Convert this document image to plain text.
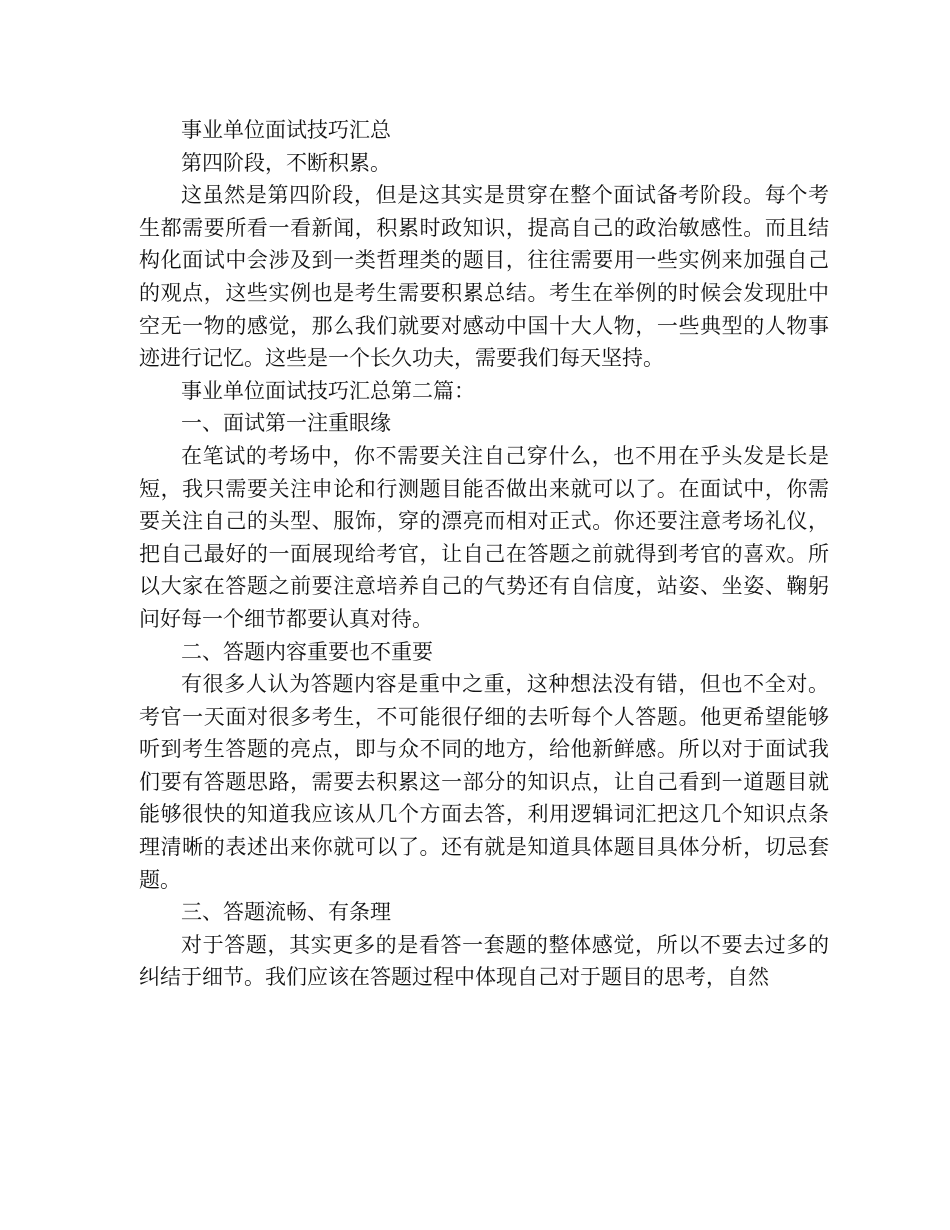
事业单位面试技巧汇总

第四阶段，不断积累。

这虽然是第四阶段，但是这其实是贯穿在整个面试备考阶段。每个考生都需要所看一看新闻，积累时政知识，提高自己的政治敏感性。而且结构化面试中会涉及到一类哲理类的题目，往往需要用一些实例来加强自己的观点，这些实例也是考生需要积累总结。考生在举例的时候会发现肚中空无一物的感觉，那么我们就要对感动中国十大人物，一些典型的人物事迹进行记忆。这些是一个长久功夫，需要我们每天坚持。

事业单位面试技巧汇总第二篇：

一、面试第一注重眼缘

在笔试的考场中，你不需要关注自己穿什么，也不用在乎头发是长是短，我只需要关注申论和行测题目能否做出来就可以了。在面试中，你需要关注自己的头型、服饰，穿的漂亮而相对正式。你还要注意考场礼仪，把自己最好的一面展现给考官，让自己在答题之前就得到考官的喜欢。所以大家在答题之前要注意培养自己的气势还有自信度，站姿、坐姿、鞠躬问好每一个细节都要认真对待。

二、答题内容重要也不重要

有很多人认为答题内容是重中之重，这种想法没有错，但也不全对。考官一天面对很多考生，不可能很仔细的去听每个人答题。他更希望能够听到考生答题的亮点，即与众不同的地方，给他新鲜感。所以对于面试我们要有答题思路，需要去积累这一部分的知识点，让自己看到一道题目就能够很快的知道我应该从几个方面去答，利用逻辑词汇把这几个知识点条理清晰的表述出来你就可以了。还有就是知道具体题目具体分析，切忌套题。

三、答题流畅、有条理

对于答题，其实更多的是看答一套题的整体感觉，所以不要去过多的纠结于细节。我们应该在答题过程中体现自己对于题目的思考，自然
